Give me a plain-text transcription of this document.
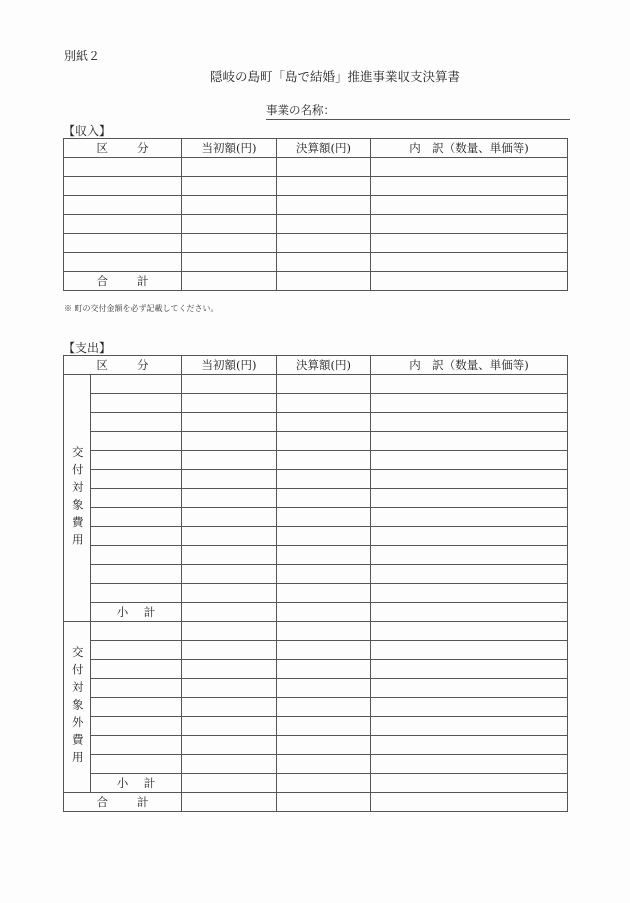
別紙２
隠岐の島町「島で結婚」推進事業収支決算書
事業の名称：
【収入】
区 分	当初額(円)	決算額(円)	内　訳（数量、単価等)

合 計			

※ 町の交付金額を必ず記載してください。
【支出】
区 分		当初額(円)	決算額(円)	内　訳（数量、単価等)

交付対象費用				

	小 計			

交付対象外費用				

	小 計			

合 計				
